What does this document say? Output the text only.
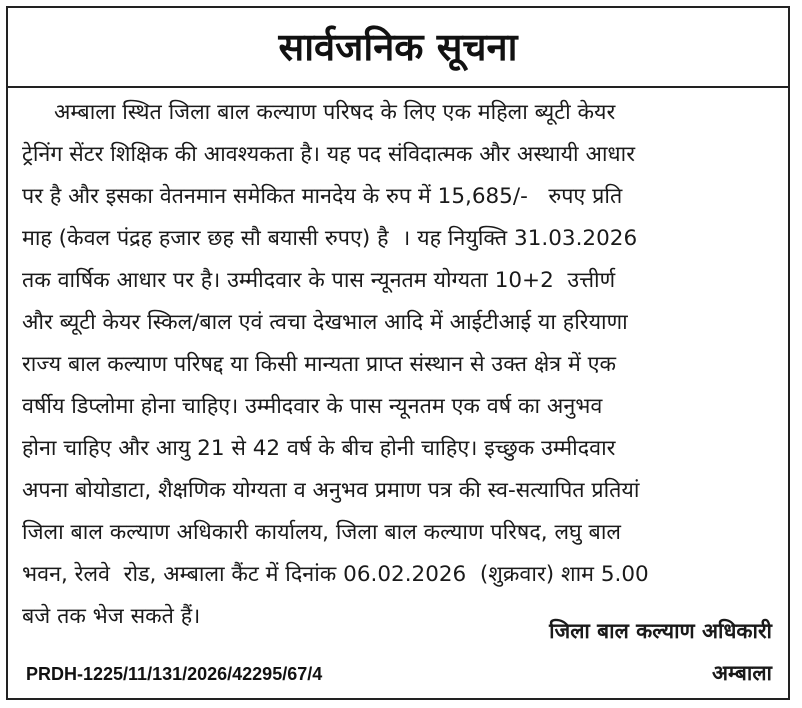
सार्वजनिक सूचना
अम्बाला स्थित जिला बाल कल्याण परिषद के लिए एक महिला ब्यूटी केयर
ट्रेनिंग सेंटर शिक्षिक की आवश्यकता है। यह पद संविदात्मक और अस्थायी आधार
पर है और इसका वेतनमान समेकित मानदेय के रुप में 15,685/-   रुपए प्रति
माह (केवल पंद्रह हजार छह सौ बयासी रुपए) है  । यह नियुक्ति 31.03.2026
तक वार्षिक आधार पर है। उम्मीदवार के पास न्यूनतम योग्यता 10+2  उत्तीर्ण
और ब्यूटी केयर स्किल/बाल एवं त्वचा देखभाल आदि में आईटीआई या हरियाणा
राज्य बाल कल्याण परिषद्द या किसी मान्यता प्राप्त संस्थान से उक्त क्षेत्र में एक
वर्षीय डिप्लोमा होना चाहिए। उम्मीदवार के पास न्यूनतम एक वर्ष का अनुभव
होना चाहिए और आयु 21 से 42 वर्ष के बीच होनी चाहिए। इच्छुक उम्मीदवार
अपना बोयोडाटा, शैक्षणिक योग्यता व अनुभव प्रमाण पत्र की स्व-सत्यापित प्रतियां
जिला बाल कल्याण अधिकारी कार्यालय, जिला बाल कल्याण परिषद, लघु बाल
भवन, रेलवे  रोड, अम्बाला कैंट में दिनांक 06.02.2026  (शुक्रवार) शाम 5.00
बजे तक भेज सकते हैं।
जिला बाल कल्याण अधिकारी
अम्बाला
PRDH-1225/11/131/2026/42295/67/4
